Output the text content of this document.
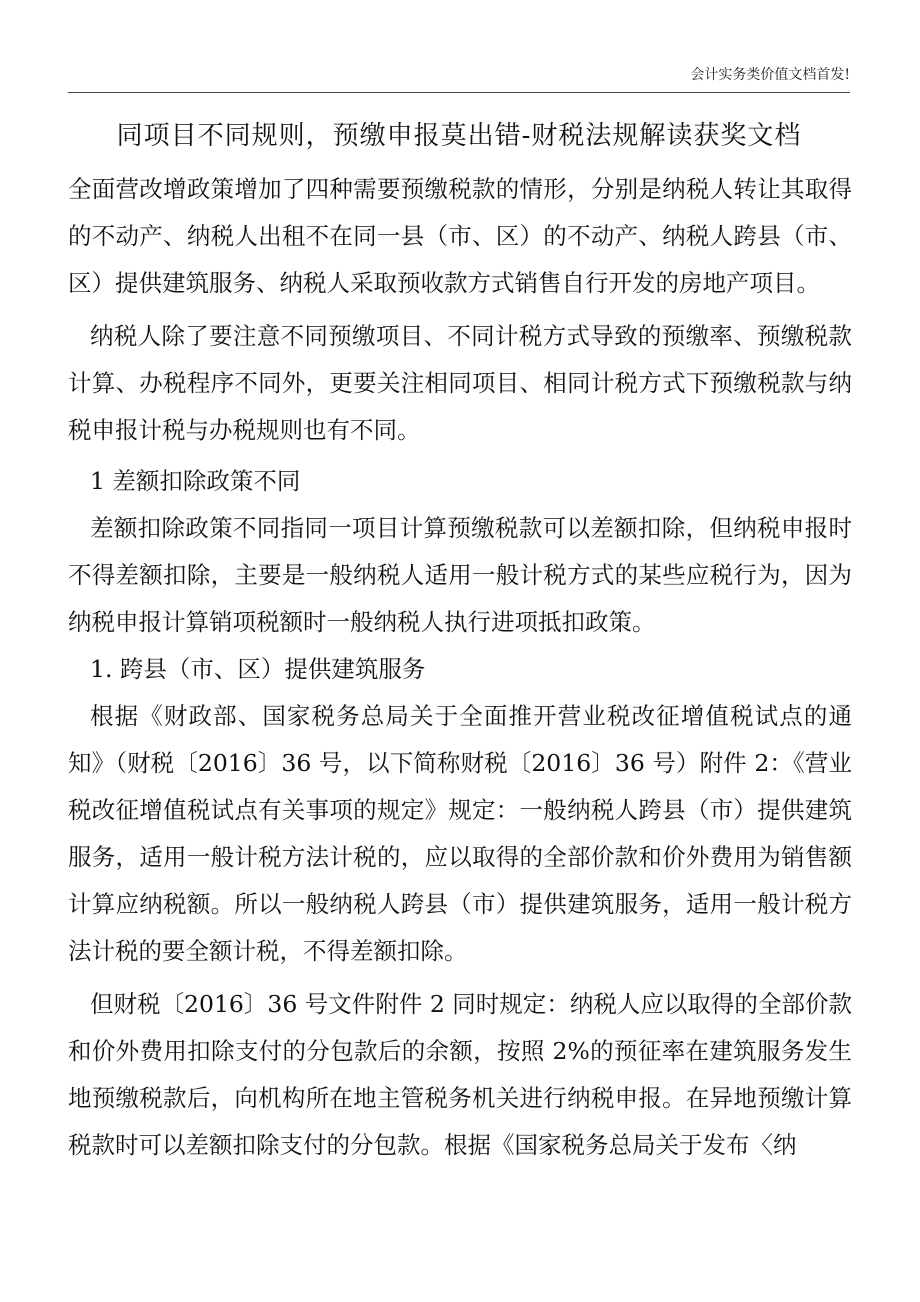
会计实务类价值文档首发!
同项目不同规则，预缴申报莫出错-财税法规解读获奖文档

全面营改增政策增加了四种需要预缴税款的情形，分别是纳税人转让其取得的不动产、纳税人出租不在同一县（市、区）的不动产、纳税人跨县（市、区）提供建筑服务、纳税人采取预收款方式销售自行开发的房地产项目。

纳税人除了要注意不同预缴项目、不同计税方式导致的预缴率、预缴税款计算、办税程序不同外，更要关注相同项目、相同计税方式下预缴税款与纳税申报计税与办税规则也有不同。

1 差额扣除政策不同

差额扣除政策不同指同一项目计算预缴税款可以差额扣除，但纳税申报时不得差额扣除，主要是一般纳税人适用一般计税方式的某些应税行为，因为纳税申报计算销项税额时一般纳税人执行进项抵扣政策。

1. 跨县（市、区）提供建筑服务

根据《财政部、国家税务总局关于全面推开营业税改征增值税试点的通知》（财税〔2016〕36 号，以下简称财税〔2016〕36 号）附件 2：《营业税改征增值税试点有关事项的规定》规定：一般纳税人跨县（市）提供建筑服务，适用一般计税方法计税的，应以取得的全部价款和价外费用为销售额计算应纳税额。所以一般纳税人跨县（市）提供建筑服务，适用一般计税方法计税的要全额计税，不得差额扣除。

但财税〔2016〕36 号文件附件 2 同时规定：纳税人应以取得的全部价款和价外费用扣除支付的分包款后的余额，按照 2%的预征率在建筑服务发生地预缴税款后，向机构所在地主管税务机关进行纳税申报。在异地预缴计算税款时可以差额扣除支付的分包款。根据《国家税务总局关于发布〈纳
